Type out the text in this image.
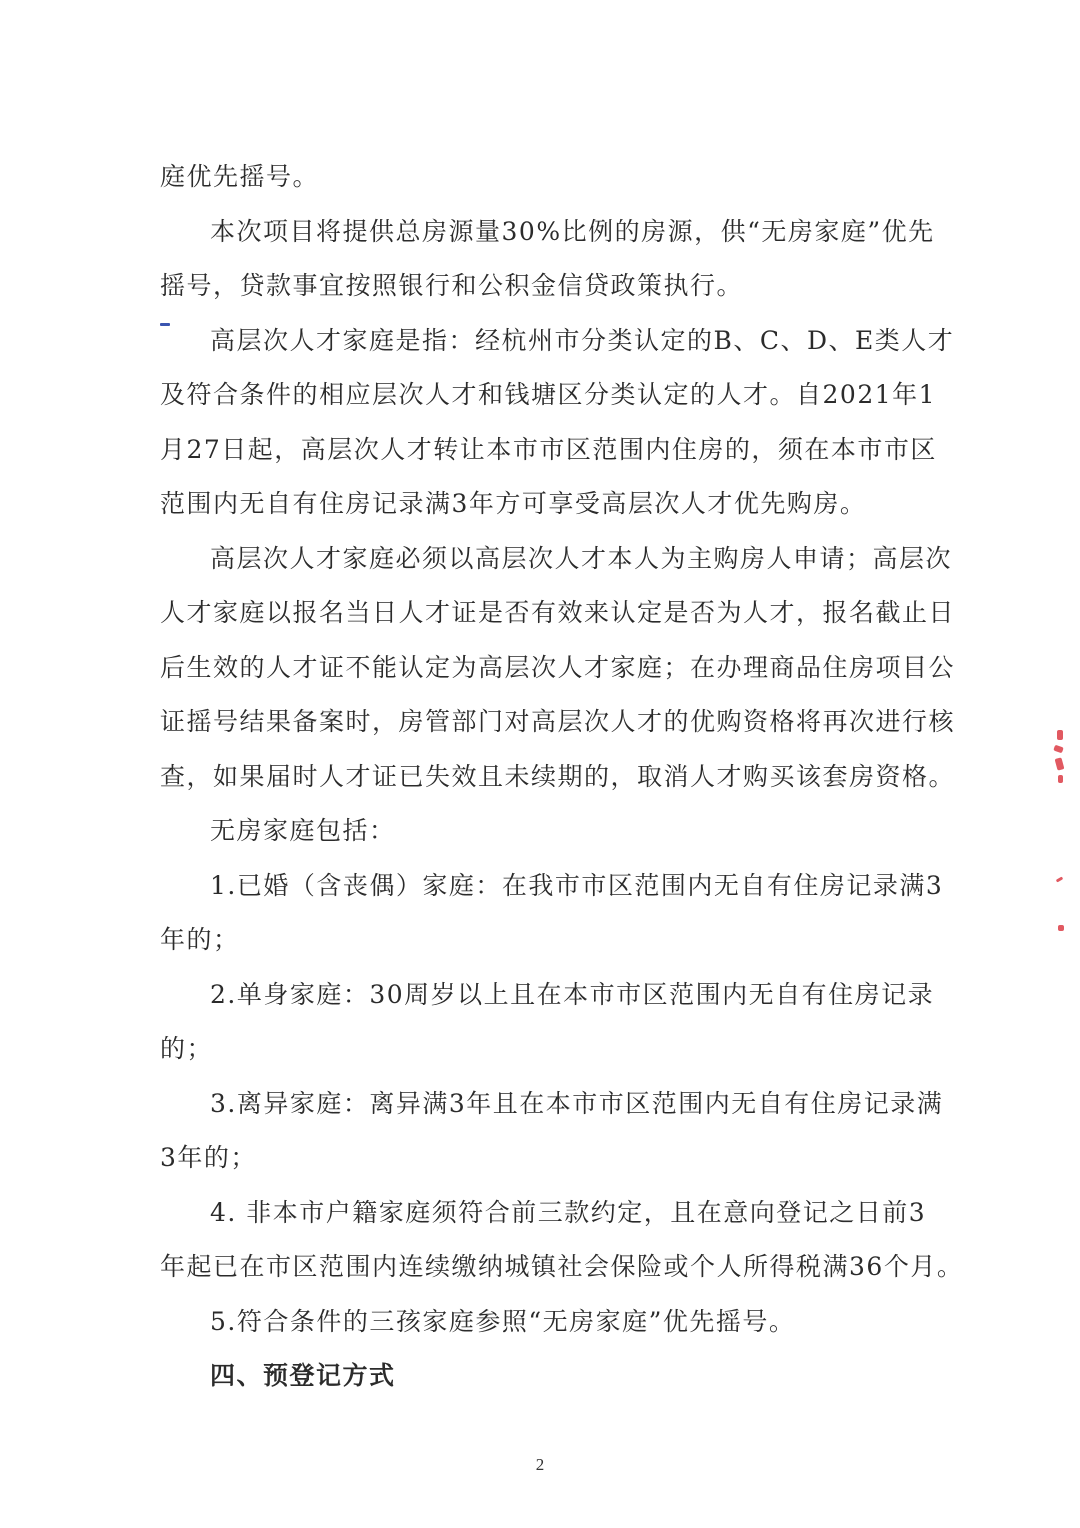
庭优先摇号。
本次项目将提供总房源量30%比例的房源，供“无房家庭”优先
摇号，贷款事宜按照银行和公积金信贷政策执行。
高层次人才家庭是指：经杭州市分类认定的B、C、D、E类人才
及符合条件的相应层次人才和钱塘区分类认定的人才。自2021年1
月27日起，高层次人才转让本市市区范围内住房的，须在本市市区
范围内无自有住房记录满3年方可享受高层次人才优先购房。
高层次人才家庭必须以高层次人才本人为主购房人申请；高层次
人才家庭以报名当日人才证是否有效来认定是否为人才，报名截止日
后生效的人才证不能认定为高层次人才家庭；在办理商品住房项目公
证摇号结果备案时，房管部门对高层次人才的优购资格将再次进行核
查，如果届时人才证已失效且未续期的，取消人才购买该套房资格。
无房家庭包括：
1.已婚（含丧偶）家庭：在我市市区范围内无自有住房记录满3
年的；
2.单身家庭：30周岁以上且在本市市区范围内无自有住房记录
的；
3.离异家庭：离异满3年且在本市市区范围内无自有住房记录满
3年的；
4. 非本市户籍家庭须符合前三款约定，且在意向登记之日前3
年起已在市区范围内连续缴纳城镇社会保险或个人所得税满36个月。
5.符合条件的三孩家庭参照“无房家庭”优先摇号。
四、预登记方式
2
